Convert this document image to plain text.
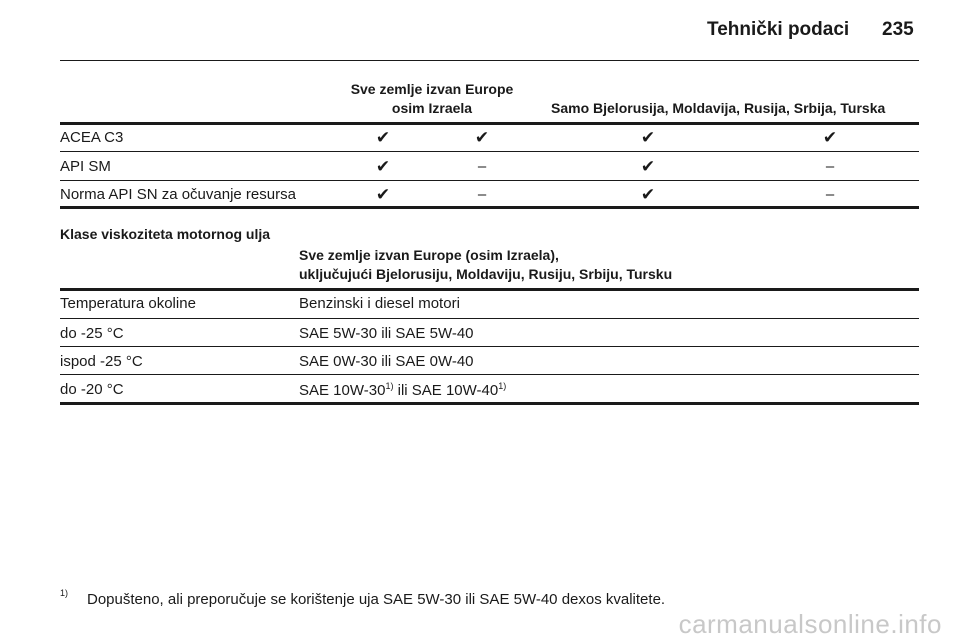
Tehnički podaci 235
Sve zemlje izvan Europe
osim Izraela	Samo Bjelorusija, Moldavija, Rusija, Srbija, Turska
ACEA C3	✔	✔	✔	✔
API SM	✔	–	✔	–
Norma API SN za očuvanje resursa	✔	–	✔	–
Klase viskoziteta motornog ulja
Sve zemlje izvan Europe (osim Izraela),
uključujući Bjelorusiju, Moldaviju, Rusiju, Srbiju, Tursku
Temperatura okoline	Benzinski i diesel motori
do -25 °C	SAE 5W-30 ili SAE 5W-40
ispod -25 °C	SAE 0W-30 ili SAE 0W-40
do -20 °C	SAE 10W-30$^{1)}$ ili SAE 10W-40$^{1)}$
1) Dopušteno, ali preporučuje se korištenje uja SAE 5W-30 ili SAE 5W-40 dexos kvalitete.
carmanualsonline.info
